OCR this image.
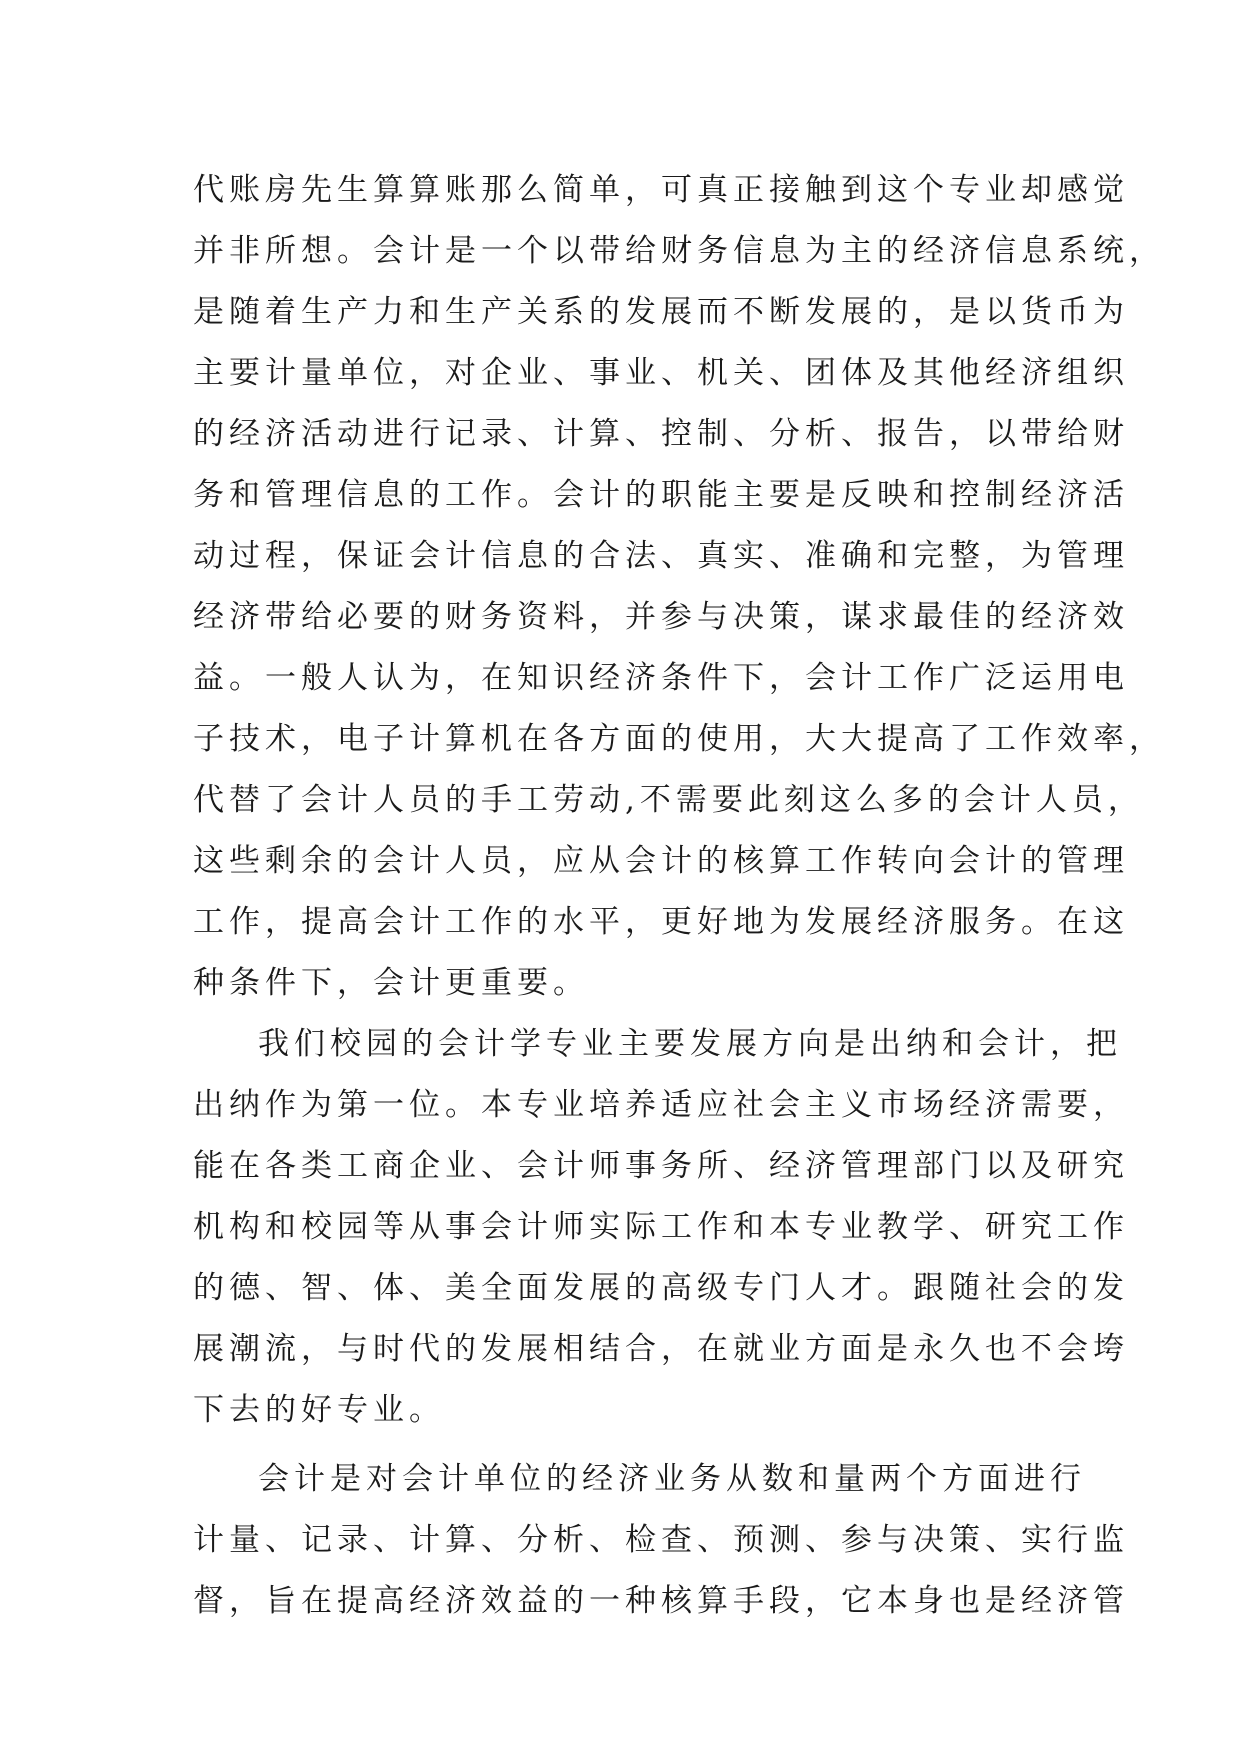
代账房先生算算账那么简单，可真正接触到这个专业却感觉
并非所想。会计是一个以带给财务信息为主的经济信息系统，
是随着生产力和生产关系的发展而不断发展的，是以货币为
主要计量单位，对企业、事业、机关、团体及其他经济组织
的经济活动进行记录、计算、控制、分析、报告，以带给财
务和管理信息的工作。会计的职能主要是反映和控制经济活
动过程，保证会计信息的合法、真实、准确和完整，为管理
经济带给必要的财务资料，并参与决策，谋求最佳的经济效
益。一般人认为，在知识经济条件下，会计工作广泛运用电
子技术，电子计算机在各方面的使用，大大提高了工作效率，
代替了会计人员的手工劳动,不需要此刻这么多的会计人员，
这些剩余的会计人员，应从会计的核算工作转向会计的管理
工作，提高会计工作的水平，更好地为发展经济服务。在这
种条件下，会计更重要。
我们校园的会计学专业主要发展方向是出纳和会计，把
出纳作为第一位。本专业培养适应社会主义市场经济需要，
能在各类工商企业、会计师事务所、经济管理部门以及研究
机构和校园等从事会计师实际工作和本专业教学、研究工作
的德、智、体、美全面发展的高级专门人才。跟随社会的发
展潮流，与时代的发展相结合，在就业方面是永久也不会垮
下去的好专业。
会计是对会计单位的经济业务从数和量两个方面进行
计量、记录、计算、分析、检查、预测、参与决策、实行监
督，旨在提高经济效益的一种核算手段，它本身也是经济管
